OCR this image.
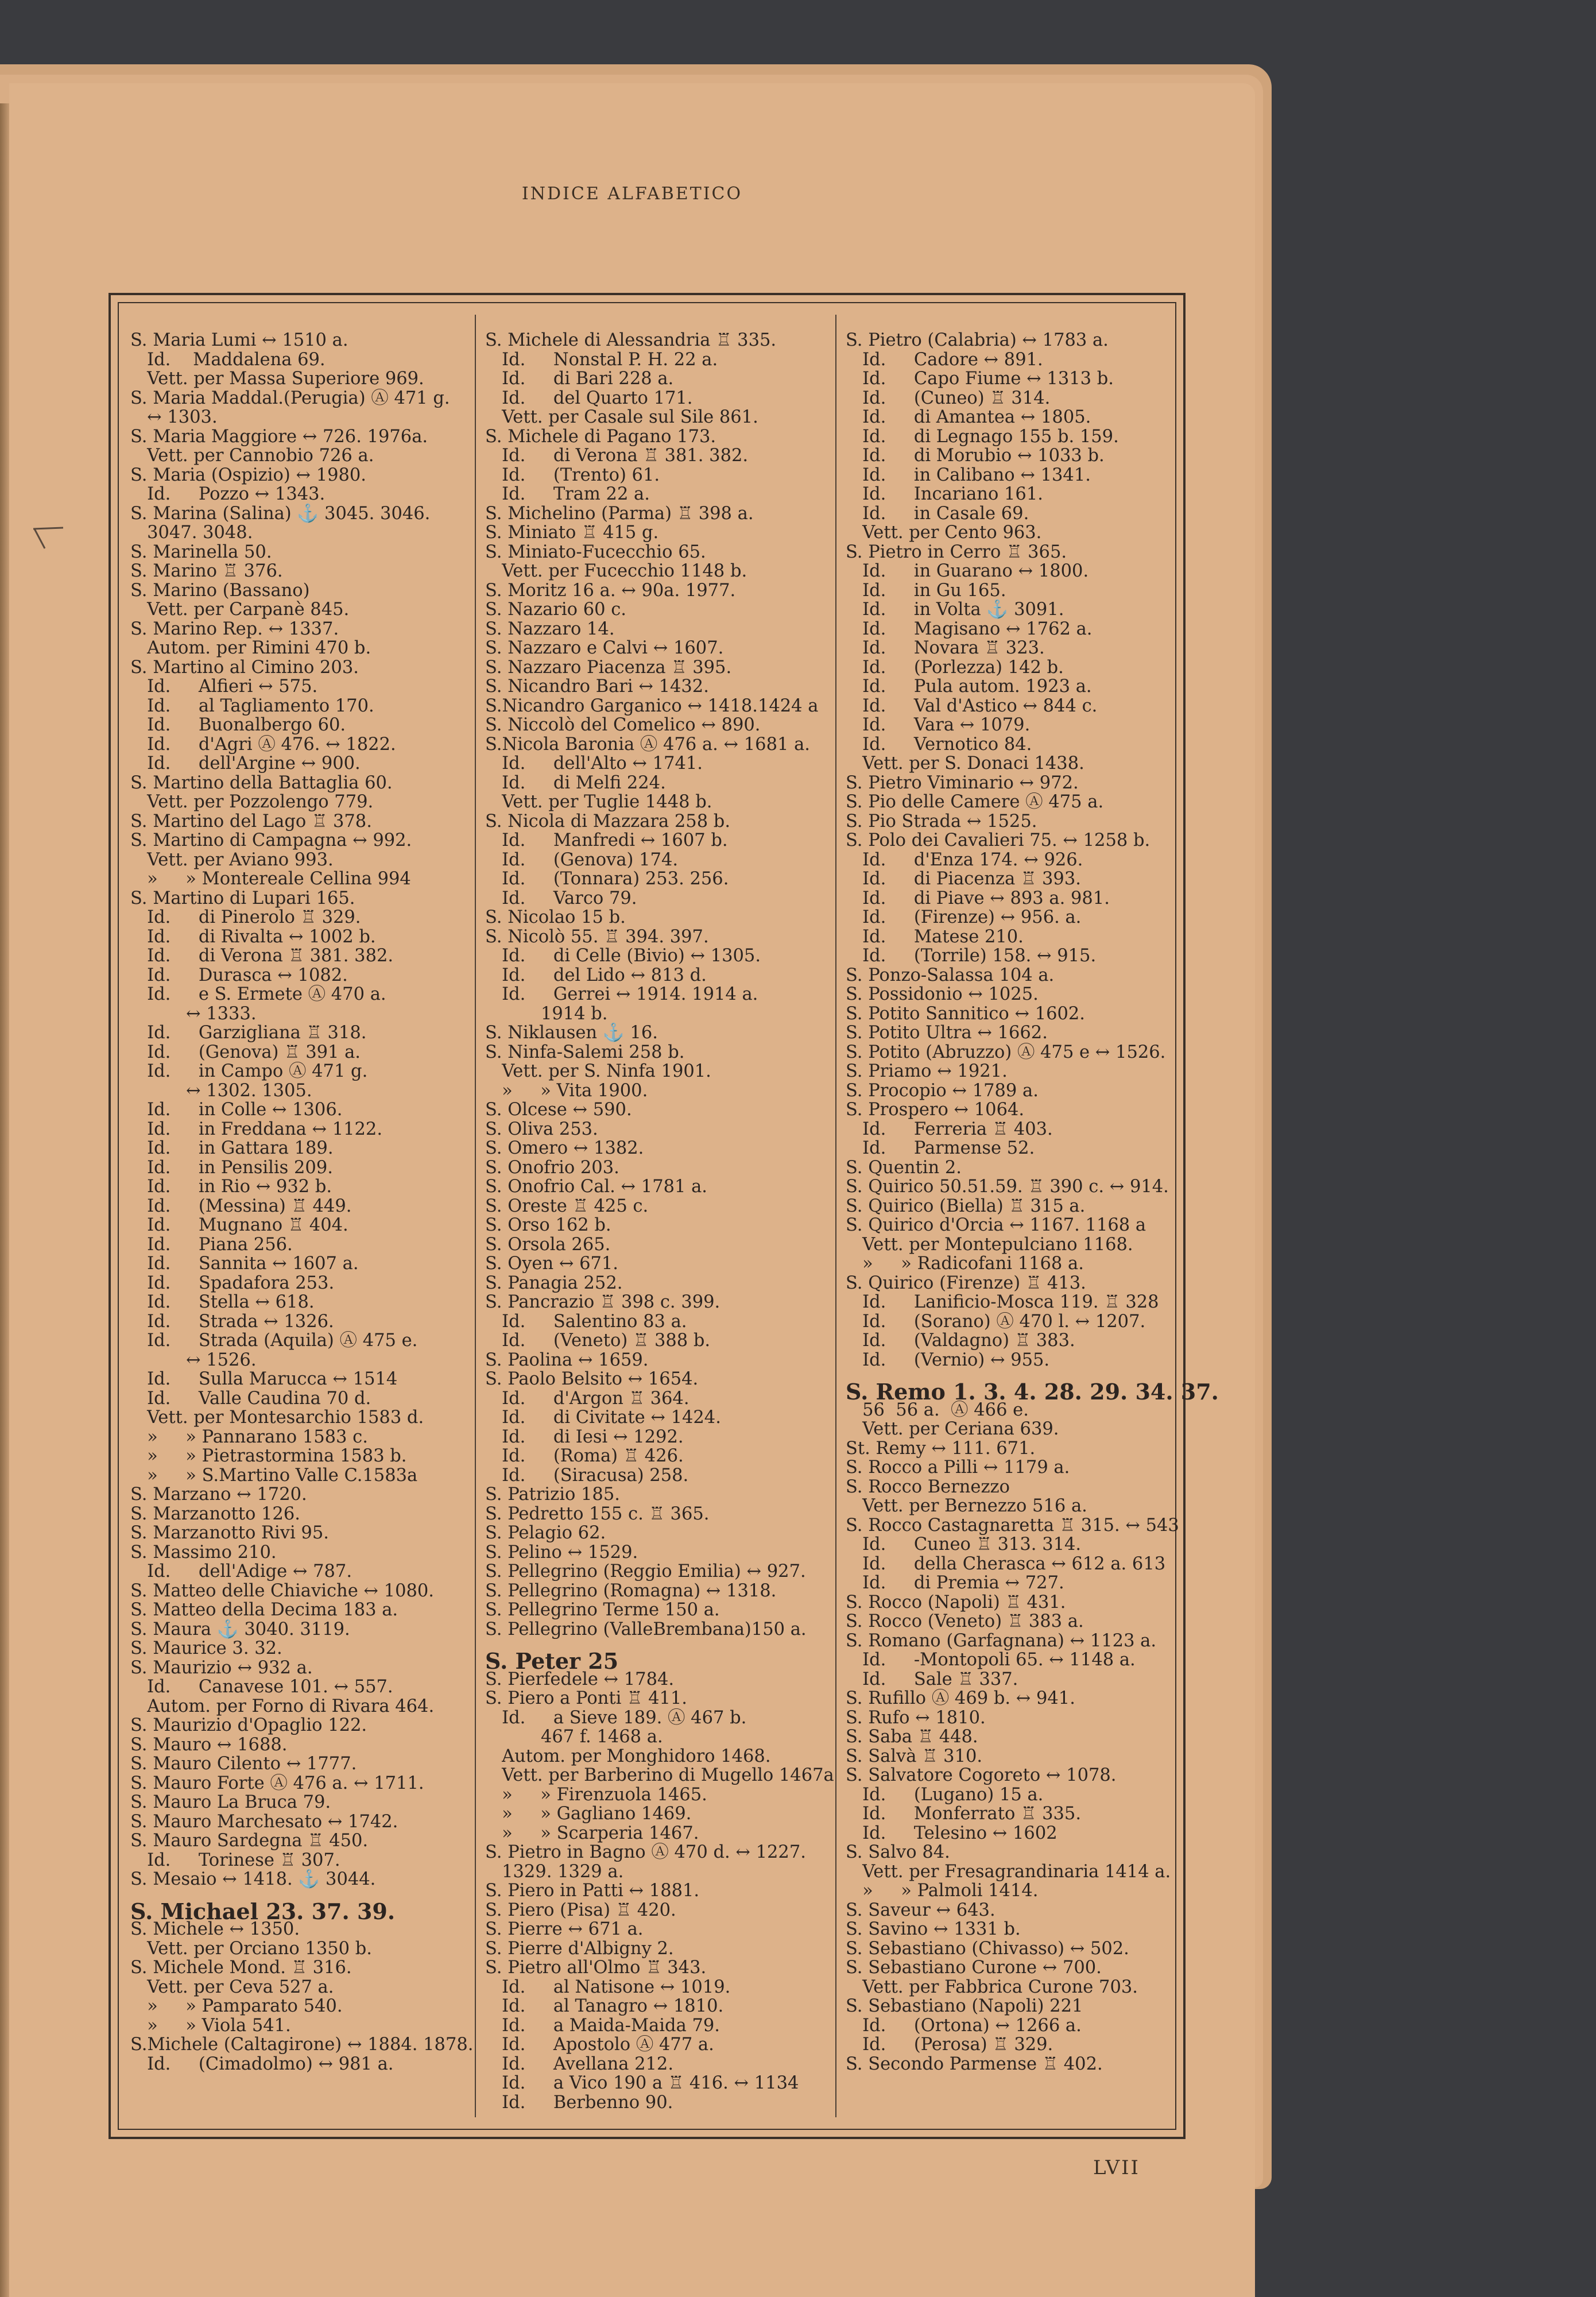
INDICE ALFABETICO
S. Maria Lumi ↔ 1510 a.
Id.    Maddalena 69.
Vett. per Massa Superiore 969.
S. Maria Maddal.(Perugia) Ⓐ 471 g.
↔ 1303.
S. Maria Maggiore ↔ 726. 1976a.
Vett. per Cannobio 726 a.
S. Maria (Ospizio) ↔ 1980.
Id.     Pozzo ↔ 1343.
S. Marina (Salina) ⚓ 3045. 3046.
3047. 3048.
S. Marinella 50.
S. Marino ♖ 376.
S. Marino (Bassano)
Vett. per Carpanè 845.
S. Marino Rep. ↔ 1337.
Autom. per Rimini 470 b.
S. Martino al Cimino 203.
Id.     Alfieri ↔ 575.
Id.     al Tagliamento 170.
Id.     Buonalbergo 60.
Id.     d'Agri Ⓐ 476. ↔ 1822.
Id.     dell'Argine ↔ 900.
S. Martino della Battaglia 60.
Vett. per Pozzolengo 779.
S. Martino del Lago ♖ 378.
S. Martino di Campagna ↔ 992.
Vett. per Aviano 993.
»     » Montereale Cellina 994
S. Martino di Lupari 165.
Id.     di Pinerolo ♖ 329.
Id.     di Rivalta ↔ 1002 b.
Id.     di Verona ♖ 381. 382.
Id.     Durasca ↔ 1082.
Id.     e S. Ermete Ⓐ 470 a.
↔ 1333.
Id.     Garzigliana ♖ 318.
Id.     (Genova) ♖ 391 a.
Id.     in Campo Ⓐ 471 g.
↔ 1302. 1305.
Id.     in Colle ↔ 1306.
Id.     in Freddana ↔ 1122.
Id.     in Gattara 189.
Id.     in Pensilis 209.
Id.     in Rio ↔ 932 b.
Id.     (Messina) ♖ 449.
Id.     Mugnano ♖ 404.
Id.     Piana 256.
Id.     Sannita ↔ 1607 a.
Id.     Spadafora 253.
Id.     Stella ↔ 618.
Id.     Strada ↔ 1326.
Id.     Strada (Aquila) Ⓐ 475 e.
↔ 1526.
Id.     Sulla Marucca ↔ 1514
Id.     Valle Caudina 70 d.
Vett. per Montesarchio 1583 d.
»     » Pannarano 1583 c.
»     » Pietrastormina 1583 b.
»     » S.Martino Valle C.1583a
S. Marzano ↔ 1720.
S. Marzanotto 126.
S. Marzanotto Rivi 95.
S. Massimo 210.
Id.     dell'Adige ↔ 787.
S. Matteo delle Chiaviche ↔ 1080.
S. Matteo della Decima 183 a.
S. Maura ⚓ 3040. 3119.
S. Maurice 3. 32.
S. Maurizio ↔ 932 a.
Id.     Canavese 101. ↔ 557.
Autom. per Forno di Rivara 464.
S. Maurizio d'Opaglio 122.
S. Mauro ↔ 1688.
S. Mauro Cilento ↔ 1777.
S. Mauro Forte Ⓐ 476 a. ↔ 1711.
S. Mauro La Bruca 79.
S. Mauro Marchesato ↔ 1742.
S. Mauro Sardegna ♖ 450.
Id.     Torinese ♖ 307.
S. Mesaio ↔ 1418. ⚓ 3044.
S. Michael 23. 37. 39.
S. Michele ↔ 1350.
Vett. per Orciano 1350 b.
S. Michele Mond. ♖ 316.
Vett. per Ceva 527 a.
»     » Pamparato 540.
»     » Viola 541.
S.Michele (Caltagirone) ↔ 1884. 1878.
Id.     (Cimadolmo) ↔ 981 a.
S. Michele di Alessandria ♖ 335.
Id.     Nonstal P. H. 22 a.
Id.     di Bari 228 a.
Id.     del Quarto 171.
Vett. per Casale sul Sile 861.
S. Michele di Pagano 173.
Id.     di Verona ♖ 381. 382.
Id.     (Trento) 61.
Id.     Tram 22 a.
S. Michelino (Parma) ♖ 398 a.
S. Miniato ♖ 415 g.
S. Miniato-Fucecchio 65.
Vett. per Fucecchio 1148 b.
S. Moritz 16 a. ↔ 90a. 1977.
S. Nazario 60 c.
S. Nazzaro 14.
S. Nazzaro e Calvi ↔ 1607.
S. Nazzaro Piacenza ♖ 395.
S. Nicandro Bari ↔ 1432.
S.Nicandro Garganico ↔ 1418.1424 a
S. Niccolò del Comelico ↔ 890.
S.Nicola Baronia Ⓐ 476 a. ↔ 1681 a.
Id.     dell'Alto ↔ 1741.
Id.     di Melfi 224.
Vett. per Tuglie 1448 b.
S. Nicola di Mazzara 258 b.
Id.     Manfredi ↔ 1607 b.
Id.     (Genova) 174.
Id.     (Tonnara) 253. 256.
Id.     Varco 79.
S. Nicolao 15 b.
S. Nicolò 55. ♖ 394. 397.
Id.     di Celle (Bivio) ↔ 1305.
Id.     del Lido ↔ 813 d.
Id.     Gerrei ↔ 1914. 1914 a.
1914 b.
S. Niklausen ⚓ 16.
S. Ninfa-Salemi 258 b.
Vett. per S. Ninfa 1901.
»     » Vita 1900.
S. Olcese ↔ 590.
S. Oliva 253.
S. Omero ↔ 1382.
S. Onofrio 203.
S. Onofrio Cal. ↔ 1781 a.
S. Oreste ♖ 425 c.
S. Orso 162 b.
S. Orsola 265.
S. Oyen ↔ 671.
S. Panagia 252.
S. Pancrazio ♖ 398 c. 399.
Id.     Salentino 83 a.
Id.     (Veneto) ♖ 388 b.
S. Paolina ↔ 1659.
S. Paolo Belsito ↔ 1654.
Id.     d'Argon ♖ 364.
Id.     di Civitate ↔ 1424.
Id.     di Iesi ↔ 1292.
Id.     (Roma) ♖ 426.
Id.     (Siracusa) 258.
S. Patrizio 185.
S. Pedretto 155 c. ♖ 365.
S. Pelagio 62.
S. Pelino ↔ 1529.
S. Pellegrino (Reggio Emilia) ↔ 927.
S. Pellegrino (Romagna) ↔ 1318.
S. Pellegrino Terme 150 a.
S. Pellegrino (ValleBrembana)150 a.
S. Peter 25
S. Pierfedele ↔ 1784.
S. Piero a Ponti ♖ 411.
Id.     a Sieve 189. Ⓐ 467 b.
467 f. 1468 a.
Autom. per Monghidoro 1468.
Vett. per Barberino di Mugello 1467a
»     » Firenzuola 1465.
»     » Gagliano 1469.
»     » Scarperia 1467.
S. Pietro in Bagno Ⓐ 470 d. ↔ 1227.
1329. 1329 a.
S. Piero in Patti ↔ 1881.
S. Piero (Pisa) ♖ 420.
S. Pierre ↔ 671 a.
S. Pierre d'Albigny 2.
S. Pietro all'Olmo ♖ 343.
Id.     al Natisone ↔ 1019.
Id.     al Tanagro ↔ 1810.
Id.     a Maida-Maida 79.
Id.     Apostolo Ⓐ 477 a.
Id.     Avellana 212.
Id.     a Vico 190 a ♖ 416. ↔ 1134
Id.     Berbenno 90.
S. Pietro (Calabria) ↔ 1783 a.
Id.     Cadore ↔ 891.
Id.     Capo Fiume ↔ 1313 b.
Id.     (Cuneo) ♖ 314.
Id.     di Amantea ↔ 1805.
Id.     di Legnago 155 b. 159.
Id.     di Morubio ↔ 1033 b.
Id.     in Calibano ↔ 1341.
Id.     Incariano 161.
Id.     in Casale 69.
Vett. per Cento 963.
S. Pietro in Cerro ♖ 365.
Id.     in Guarano ↔ 1800.
Id.     in Gu 165.
Id.     in Volta ⚓ 3091.
Id.     Magisano ↔ 1762 a.
Id.     Novara ♖ 323.
Id.     (Porlezza) 142 b.
Id.     Pula autom. 1923 a.
Id.     Val d'Astico ↔ 844 c.
Id.     Vara ↔ 1079.
Id.     Vernotico 84.
Vett. per S. Donaci 1438.
S. Pietro Viminario ↔ 972.
S. Pio delle Camere Ⓐ 475 a.
S. Pio Strada ↔ 1525.
S. Polo dei Cavalieri 75. ↔ 1258 b.
Id.     d'Enza 174. ↔ 926.
Id.     di Piacenza ♖ 393.
Id.     di Piave ↔ 893 a. 981.
Id.     (Firenze) ↔ 956. a.
Id.     Matese 210.
Id.     (Torrile) 158. ↔ 915.
S. Ponzo-Salassa 104 a.
S. Possidonio ↔ 1025.
S. Potito Sannitico ↔ 1602.
S. Potito Ultra ↔ 1662.
S. Potito (Abruzzo) Ⓐ 475 e ↔ 1526.
S. Priamo ↔ 1921.
S. Procopio ↔ 1789 a.
S. Prospero ↔ 1064.
Id.     Ferreria ♖ 403.
Id.     Parmense 52.
S. Quentin 2.
S. Quirico 50.51.59. ♖ 390 c. ↔ 914.
S. Quirico (Biella) ♖ 315 a.
S. Quirico d'Orcia ↔ 1167. 1168 a
Vett. per Montepulciano 1168.
»     » Radicofani 1168 a.
S. Quirico (Firenze) ♖ 413.
Id.     Lanificio-Mosca 119. ♖ 328
Id.     (Sorano) Ⓐ 470 l. ↔ 1207.
Id.     (Valdagno) ♖ 383.
Id.     (Vernio) ↔ 955.
S. Remo 1. 3. 4. 28. 29. 34. 37.
56  56 a.  Ⓐ 466 e.
Vett. per Ceriana 639.
St. Remy ↔ 111. 671.
S. Rocco a Pilli ↔ 1179 a.
S. Rocco Bernezzo
Vett. per Bernezzo 516 a.
S. Rocco Castagnaretta ♖ 315. ↔ 543
Id.     Cuneo ♖ 313. 314.
Id.     della Cherasca ↔ 612 a. 613
Id.     di Premia ↔ 727.
S. Rocco (Napoli) ♖ 431.
S. Rocco (Veneto) ♖ 383 a.
S. Romano (Garfagnana) ↔ 1123 a.
Id.     -Montopoli 65. ↔ 1148 a.
Id.     Sale ♖ 337.
S. Rufillo Ⓐ 469 b. ↔ 941.
S. Rufo ↔ 1810.
S. Saba ♖ 448.
S. Salvà ♖ 310.
S. Salvatore Cogoreto ↔ 1078.
Id.     (Lugano) 15 a.
Id.     Monferrato ♖ 335.
Id.     Telesino ↔ 1602
S. Salvo 84.
Vett. per Fresagrandinaria 1414 a.
»     » Palmoli 1414.
S. Saveur ↔ 643.
S. Savino ↔ 1331 b.
S. Sebastiano (Chivasso) ↔ 502.
S. Sebastiano Curone ↔ 700.
Vett. per Fabbrica Curone 703.
S. Sebastiano (Napoli) 221
Id.     (Ortona) ↔ 1266 a.
Id.     (Perosa) ♖ 329.
S. Secondo Parmense ♖ 402.
LVII
